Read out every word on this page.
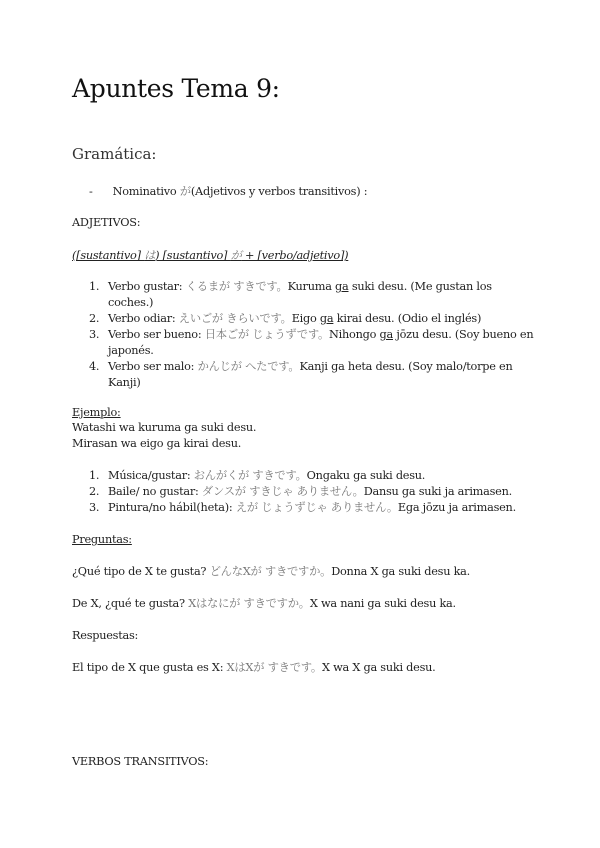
Apuntes Tema 9:
Gramática:
- Nominativo が(Adjetivos y verbos transitivos) :
ADJETIVOS:
([sustantivo] は) [sustantivo] が + [verbo/adjetivo])
1. Verbo gustar: くるまが すきです。Kuruma ga suki desu. (Me gustan los
coches.)
2. Verbo odiar: えいごが きらいです。Eigo ga kirai desu. (Odio el inglés)
3. Verbo ser bueno: 日本ごが じょうずです。Nihongo ga jōzu desu. (Soy bueno en
japonés.
4. Verbo ser malo: かんじが へたです。Kanji ga heta desu. (Soy malo/torpe en
Kanji)
Ejemplo:
Watashi wa kuruma ga suki desu.
Mirasan wa eigo ga kirai desu.
1. Música/gustar: おんがくが すきです。Ongaku ga suki desu.
2. Baile/ no gustar: ダンスが すきじゃ ありません。Dansu ga suki ja arimasen.
3. Pintura/no hábil(heta): えが じょうずじゃ ありません。Ega jōzu ja arimasen.
Preguntas:
¿Qué tipo de X te gusta? どんなXが すきですか。Donna X ga suki desu ka.
De X, ¿qué te gusta? Xはなにが すきですか。X wa nani ga suki desu ka.
Respuestas:
El tipo de X que gusta es X: XはXが すきです。X wa X ga suki desu.
VERBOS TRANSITIVOS:
